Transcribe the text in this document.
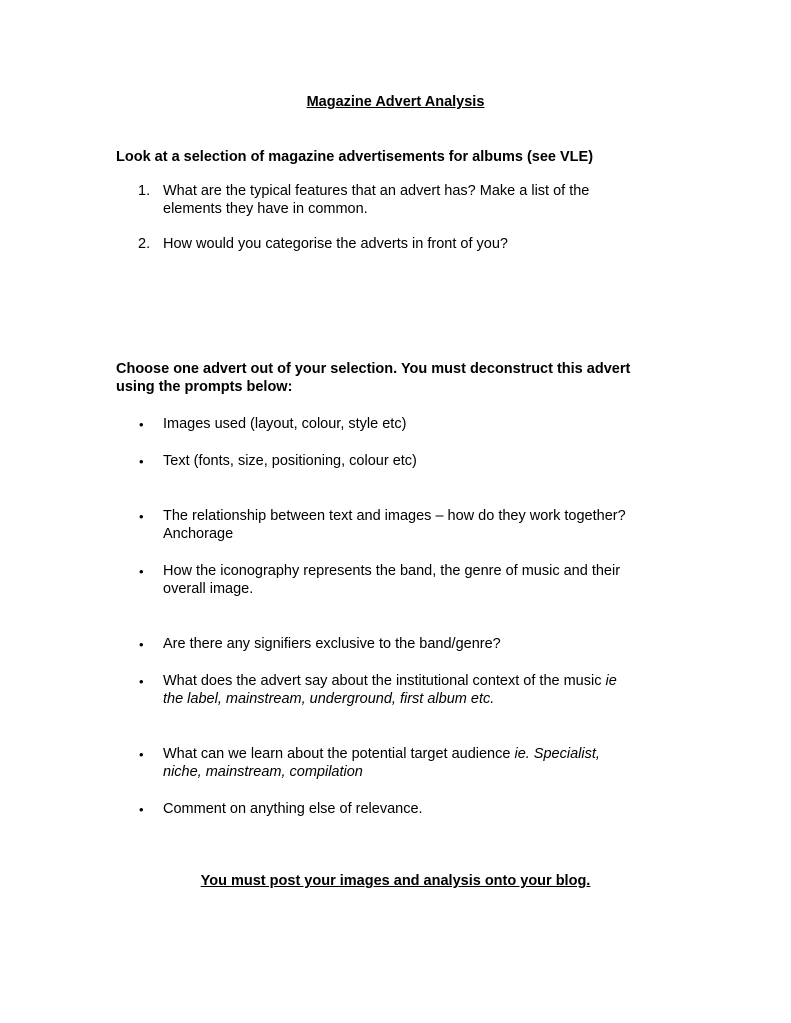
Magazine Advert Analysis
Look at a selection of magazine advertisements for albums (see VLE)
1. What are the typical features that an advert has? Make a list of the
elements they have in common.
2. How would you categorise the adverts in front of you?
Choose one advert out of your selection. You must deconstruct this advert
using the prompts below:
• Images used (layout, colour, style etc)
• Text (fonts, size, positioning, colour etc)
• The relationship between text and images – how do they work together?
Anchorage
• How the iconography represents the band, the genre of music and their
overall image.
• Are there any signifiers exclusive to the band/genre?
• What does the advert say about the institutional context of the music ie
the label, mainstream, underground, first album etc.
• What can we learn about the potential target audience ie. Specialist,
niche, mainstream, compilation
• Comment on anything else of relevance.
You must post your images and analysis onto your blog.
